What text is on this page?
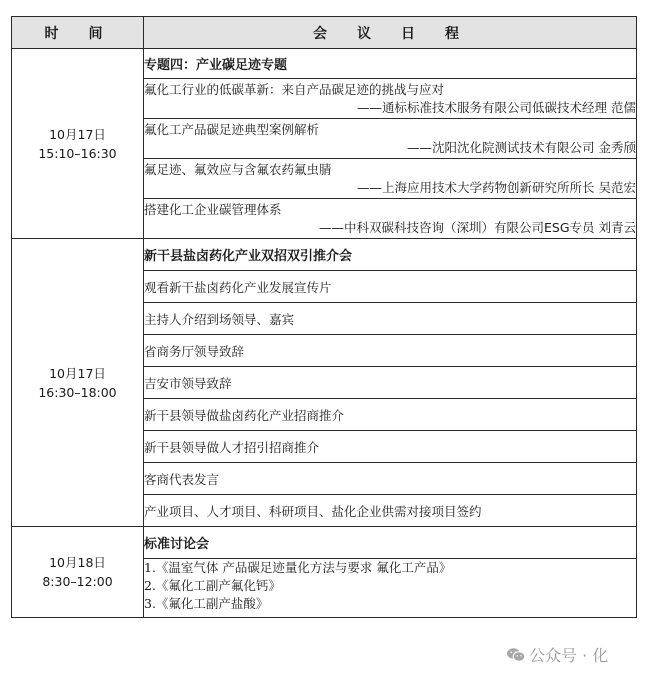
时　间	会　议　日　程

10月17日
15:10–16:30	专题四：产业碳足迹专题

	氟化工行业的低碳革新：来自产品碳足迹的挑战与应对
——通标标准技术服务有限公司低碳技术经理 范儒

	氟化工产品碳足迹典型案例解析
——沈阳沈化院测试技术有限公司 金秀颀

	氟足迹、氟效应与含氟农药氟虫腈
——上海应用技术大学药物创新研究所所长 吴范宏

	搭建化工企业碳管理体系
——中科双碳科技咨询（深圳）有限公司ESG专员 刘青云

10月17日
16:30–18:00	新干县盐卤药化产业双招双引推介会
	观看新干盐卤药化产业发展宣传片
	主持人介绍到场领导、嘉宾
	省商务厅领导致辞
	吉安市领导致辞
	新干县领导做盐卤药化产业招商推介
	新干县领导做人才招引招商推介
	客商代表发言
	产业项目、人才项目、科研项目、盐化企业供需对接项目签约

10月18日
8:30–12:00	标准讨论会

	1.《温室气体 产品碳足迹量化方法与要求 氟化工产品》
2.《氟化工副产氟化钙》
3.《氟化工副产盐酸》
公众号 · 化
